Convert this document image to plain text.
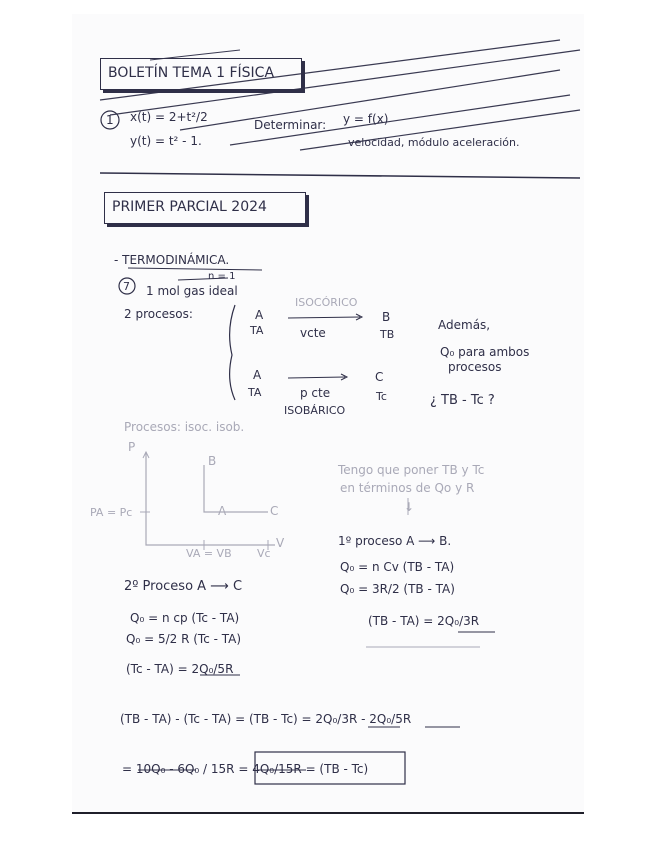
BOLETÍN TEMA 1 FÍSICA
1 x(t) = 2+t²/2
y(t) = t² - 1.
Determinar: y = f(x)
velocidad, módulo aceleración.
PRIMER PARCIAL 2024
- TERMODINÁMICA.
n = 1
7 1 mol gas ideal
2 procesos:
ISOCÓRICO
A
TA	vcte
B
TB
A
TA	p cte
C
Tc
ISOBÁRICO
Además,
Q₀ para ambos
procesos
¿ TB - Tc ?
Procesos: isoc. isob.
P
V
B
A	C
PA = Pc
VA = VB Vc
Tengo que poner TB y Tc
en términos de Qo y R
↓
1º proceso A ⟶ B.
Q₀ = n Cv (TB - TA)
Q₀ = 3R/2 (TB - TA)
(TB - TA) = 2Q₀/3R
2º Proceso A ⟶ C
Q₀ = n cp (Tc - TA)
Q₀ = 5/2 R (Tc - TA)
(Tc - TA) = 2Q₀/5R
(TB - TA) - (Tc - TA) = (TB - Tc) = 2Q₀/3R - 2Q₀/5R
= 10Q₀ - 6Q₀ / 15R = 4Q₀/15R = (TB - Tc)
